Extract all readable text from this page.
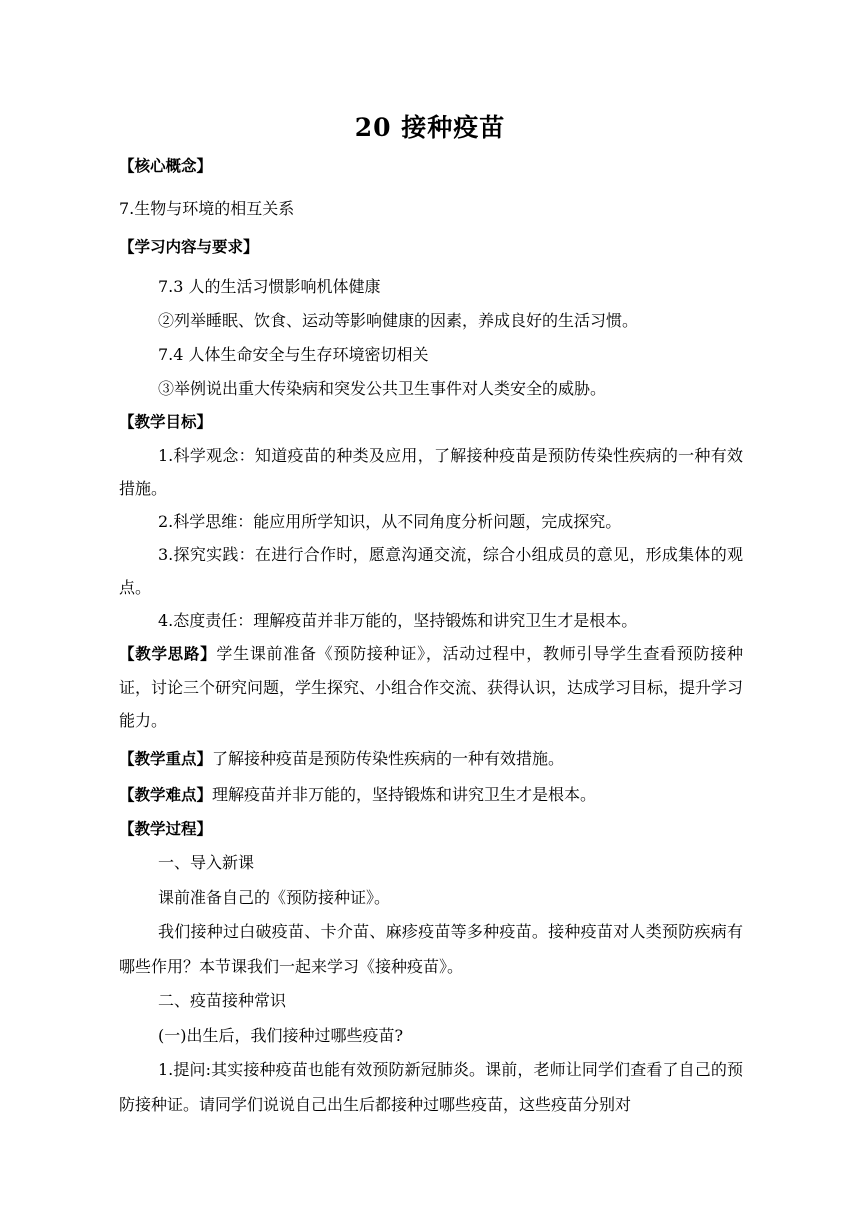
20 接种疫苗

【核心概念】

7.生物与环境的相互关系

【学习内容与要求】

7.3 人的生活习惯影响机体健康

②列举睡眠、饮食、运动等影响健康的因素，养成良好的生活习惯。

7.4 人体生命安全与生存环境密切相关

③举例说出重大传染病和突发公共卫生事件对人类安全的威胁。

【教学目标】

1.科学观念：知道疫苗的种类及应用，了解接种疫苗是预防传染性疾病的一种有效措施。

2.科学思维：能应用所学知识，从不同角度分析问题，完成探究。

3.探究实践：在进行合作时，愿意沟通交流，综合小组成员的意见，形成集体的观点。

4.态度责任：理解疫苗并非万能的，坚持锻炼和讲究卫生才是根本。

【教学思路】学生课前准备《预防接种证》，活动过程中，教师引导学生查看预防接种证，讨论三个研究问题，学生探究、小组合作交流、获得认识，达成学习目标，提升学习能力。

【教学重点】了解接种疫苗是预防传染性疾病的一种有效措施。

【教学难点】理解疫苗并非万能的，坚持锻炼和讲究卫生才是根本。

【教学过程】

一、导入新课

课前准备自己的《预防接种证》。

我们接种过白破疫苗、卡介苗、麻疹疫苗等多种疫苗。接种疫苗对人类预防疾病有哪些作用？本节课我们一起来学习《接种疫苗》。

二、疫苗接种常识

(一)出生后，我们接种过哪些疫苗?

1.提问:其实接种疫苗也能有效预防新冠肺炎。课前，老师让同学们查看了自己的预防接种证。请同学们说说自己出生后都接种过哪些疫苗，这些疫苗分别对
